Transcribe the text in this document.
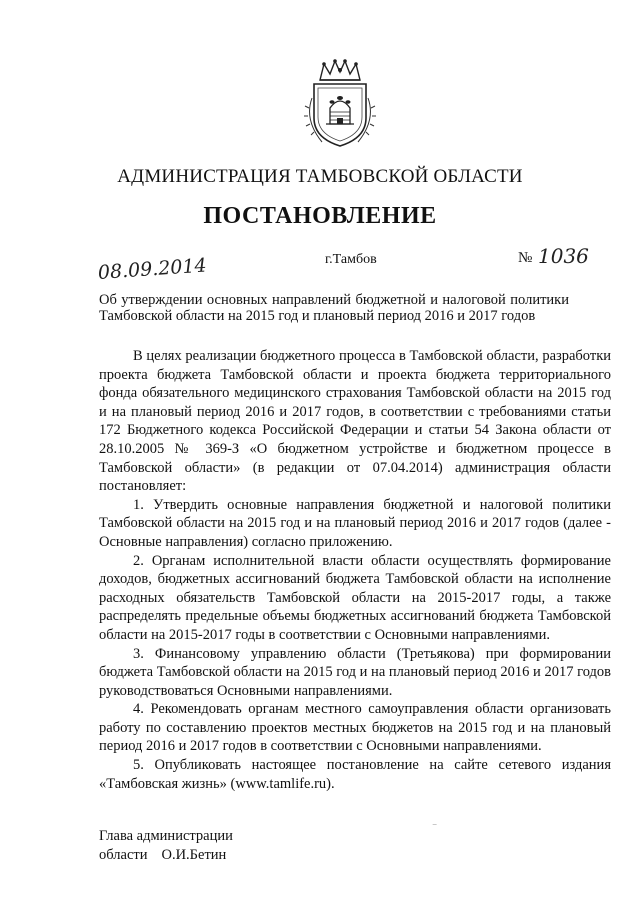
АДМИНИСТРАЦИЯ ТАМБОВСКОЙ ОБЛАСТИ
ПОСТАНОВЛЕНИЕ
08.09.2014	г.Тамбов	№ 1036
Об утверждении основных направлений бюджетной и налоговой политики
Тамбовской области на 2015 год и плановый период 2016 и 2017 годов

В целях реализации бюджетного процесса в Тамбовской области, разработки проекта бюджета Тамбовской области и проекта бюджета территориального фонда обязательного медицинского страхования Тамбовской области на 2015 год и на плановый период 2016 и 2017 годов, в соответствии с требованиями статьи 172 Бюджетного кодекса Российской Федерации и статьи 54 Закона области от 28.10.2005 № 369-З «О бюджетном устройстве и бюджетном процессе в Тамбовской области» (в редакции от 07.04.2014) администрация области постановляет:

1. Утвердить основные направления бюджетной и налоговой политики Тамбовской области на 2015 год и на плановый период 2016 и 2017 годов (далее - Основные направления) согласно приложению.

2. Органам исполнительной власти области осуществлять формирование доходов, бюджетных ассигнований бюджета Тамбовской области на исполнение расходных обязательств Тамбовской области на 2015-2017 годы, а также распределять предельные объемы бюджетных ассигнований бюджета Тамбовской области на 2015-2017 годы в соответствии с Основными направлениями.

3. Финансовому управлению области (Третьякова) при формировании бюджета Тамбовской области на 2015 год и на плановый период 2016 и 2017 годов руководствоваться Основными направлениями.

4. Рекомендовать органам местного самоуправления области организовать работу по составлению проектов местных бюджетов на 2015 год и на плановый период 2016 и 2017 годов в соответствии с Основными направлениями.

5. Опубликовать настоящее постановление на сайте сетевого издания «Тамбовская жизнь» (www.tamlife.ru).

Глава администрации
области О.И.Бетин
⁻
